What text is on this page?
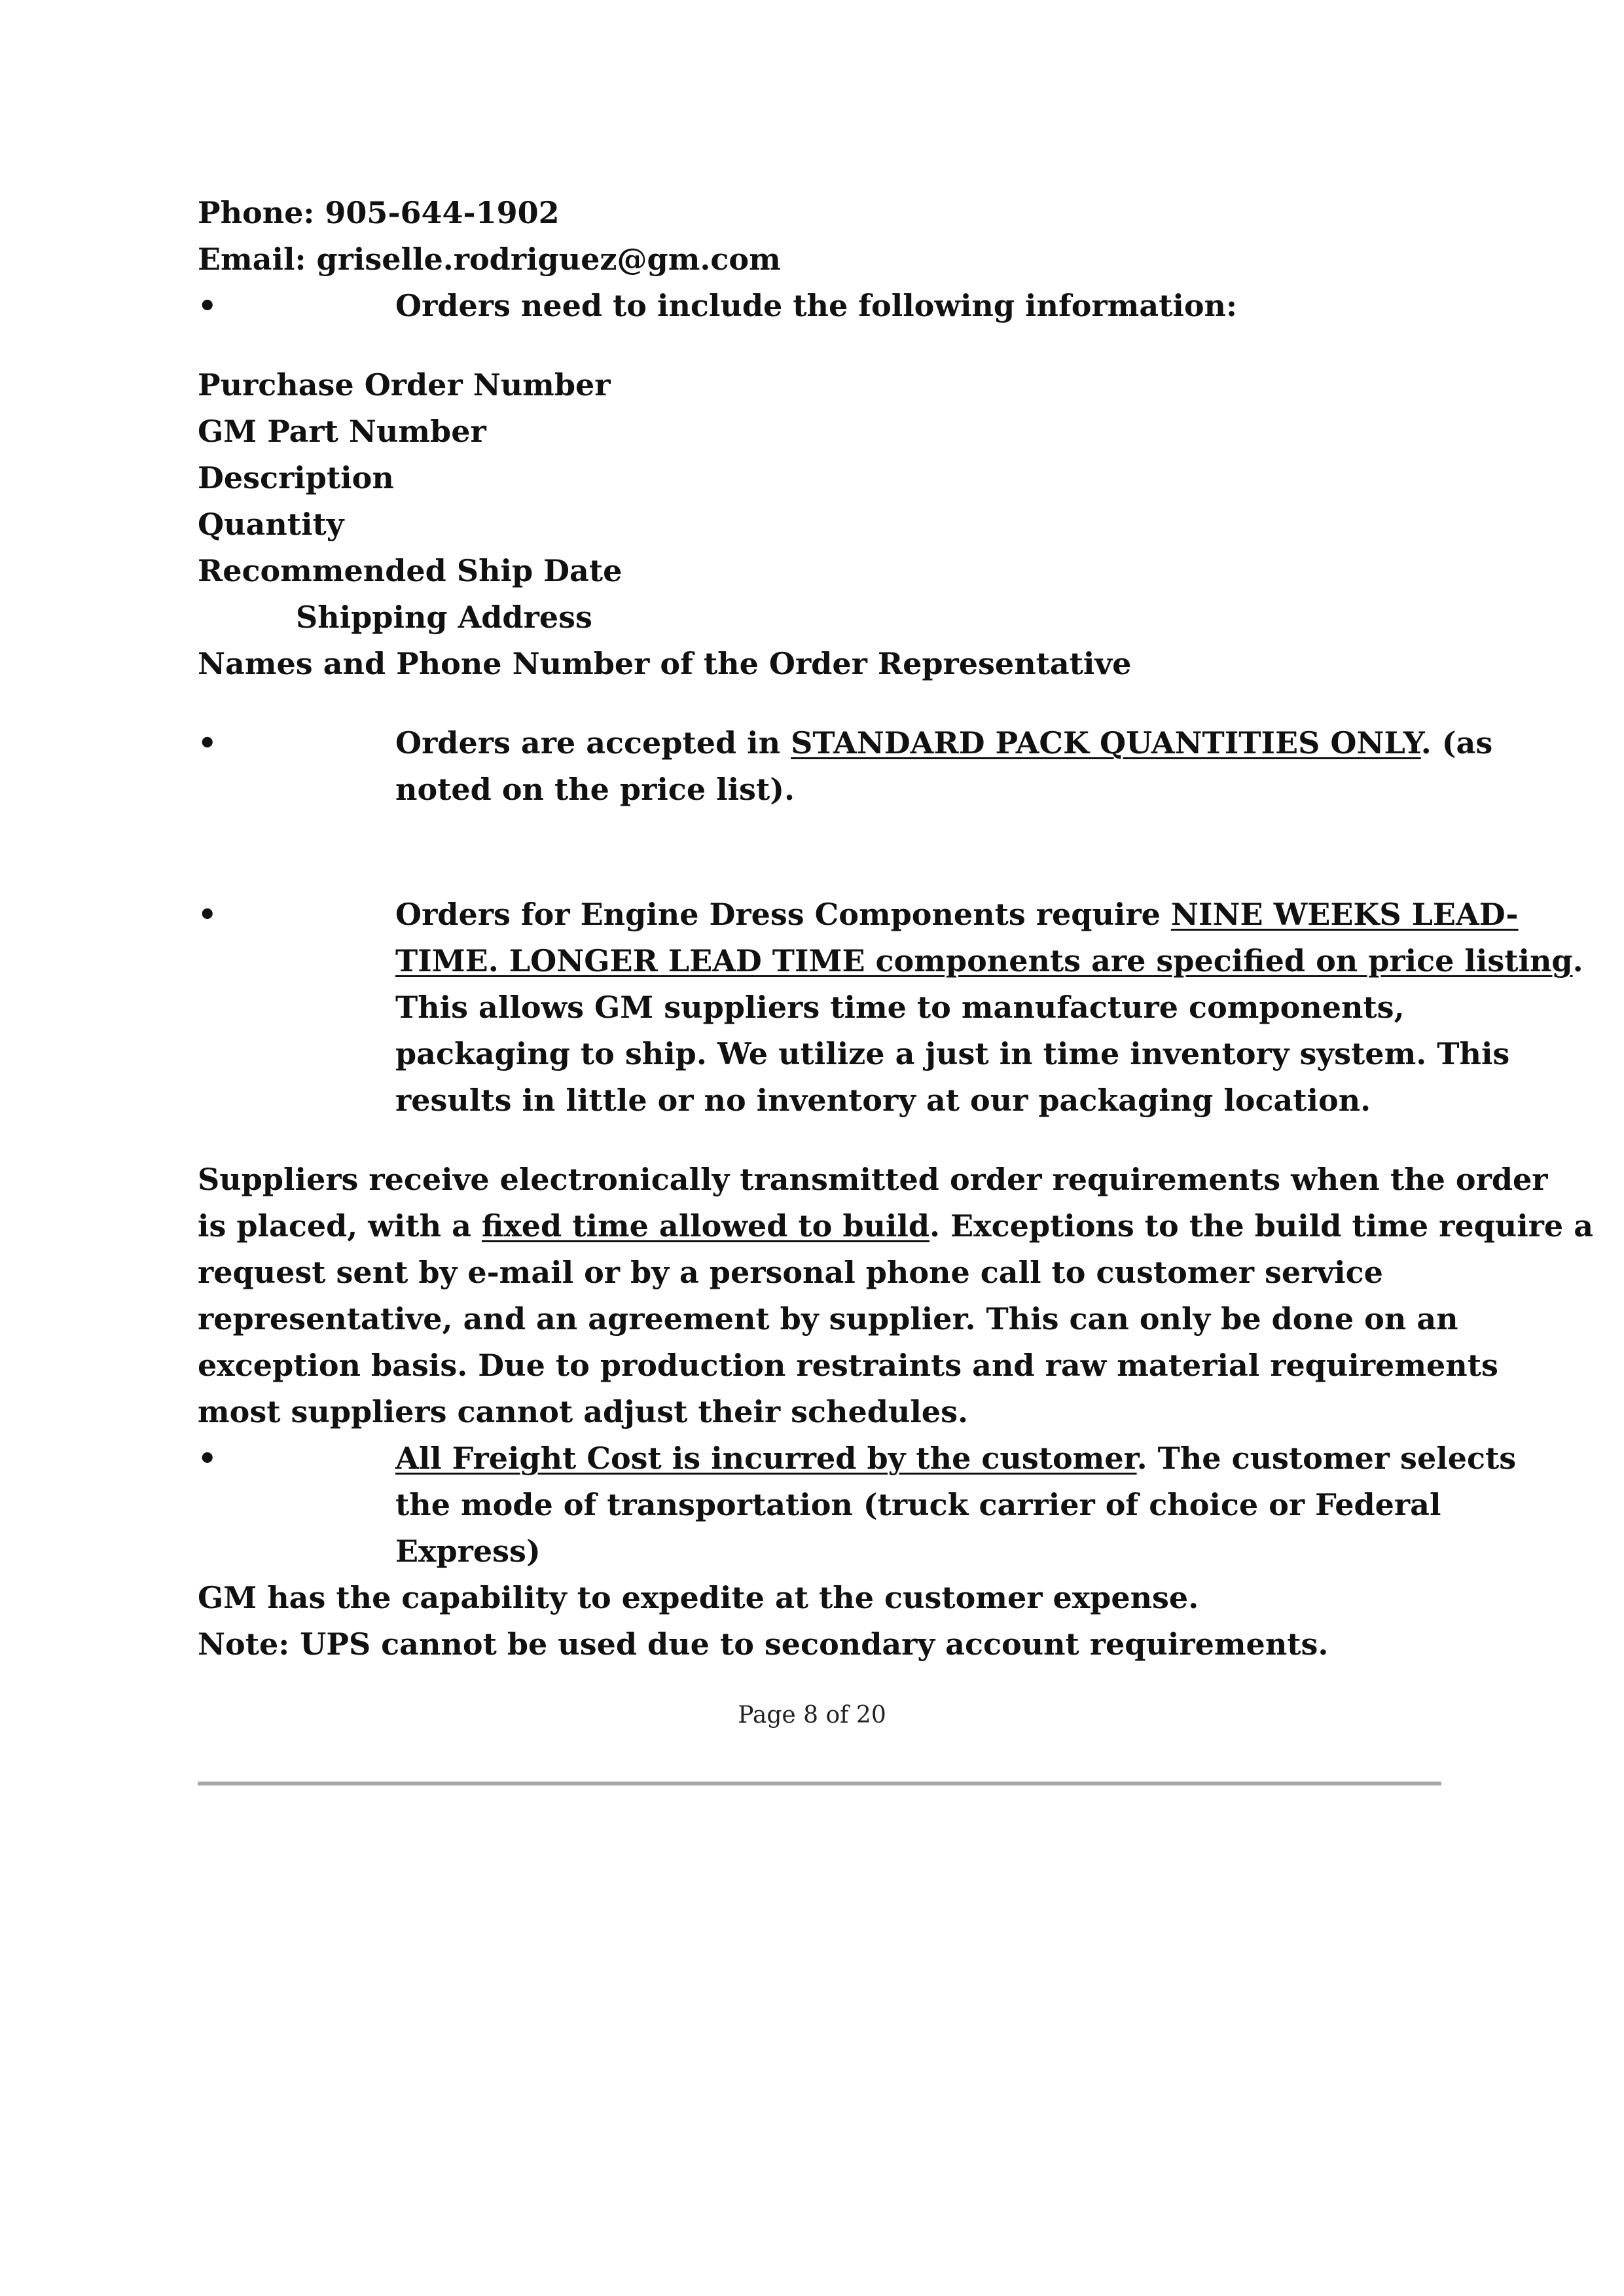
Phone: 905-644-1902
Email: griselle.rodriguez@gm.com
•	Orders need to include the following information:
Purchase Order Number
GM Part Number
Description
Quantity
Recommended Ship Date
Shipping Address
Names and Phone Number of the Order Representative
•	Orders are accepted in STANDARD PACK QUANTITIES ONLY. (as
noted on the price list).
•	Orders for Engine Dress Components require NINE WEEKS LEAD-
TIME. LONGER LEAD TIME components are specified on price listing.
This allows GM suppliers time to manufacture components,
packaging to ship. We utilize a just in time inventory system. This
results in little or no inventory at our packaging location.
Suppliers receive electronically transmitted order requirements when the order
is placed, with a fixed time allowed to build. Exceptions to the build time require a
request sent by e-mail or by a personal phone call to customer service
representative, and an agreement by supplier. This can only be done on an
exception basis. Due to production restraints and raw material requirements
most suppliers cannot adjust their schedules.
•	All Freight Cost is incurred by the customer. The customer selects
the mode of transportation (truck carrier of choice or Federal
Express)
GM has the capability to expedite at the customer expense.
Note: UPS cannot be used due to secondary account requirements.
Page 8 of 20
